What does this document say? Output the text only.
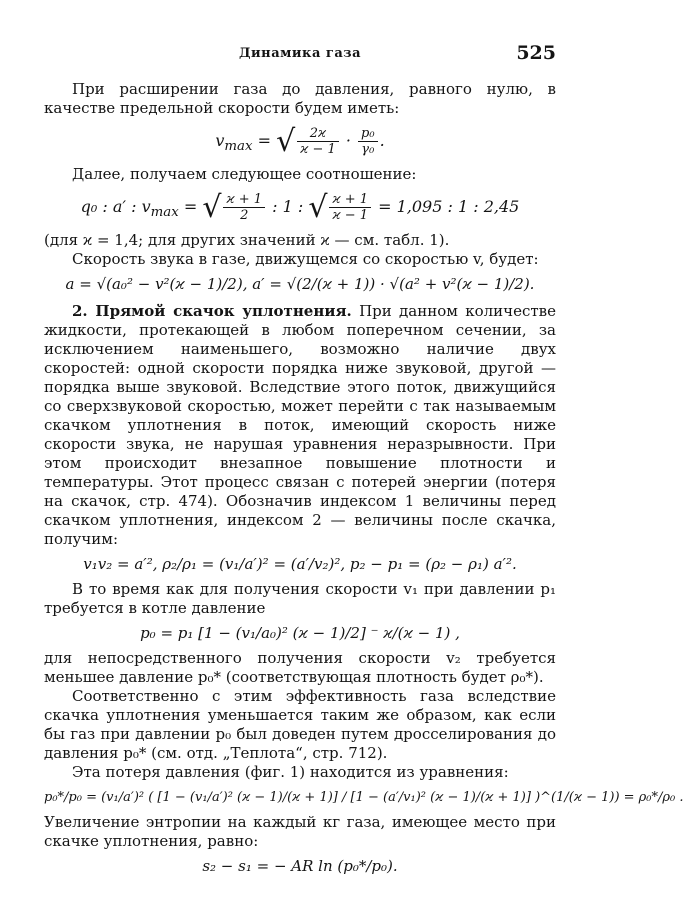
Динамика газа	525

При расширении газа до давления, равного нулю, в качестве предельной скорости будем иметь:

$v_{max}$ = √ $\frac{2ϰ}{ϰ - 1} \cdot \frac{\text{p₀}}{\text{γ₀}}$ .

Далее, получаем следующее соотношение:

q₀ : a′ : $v_{max}$ = √ $\frac{ϰ + 1}{2}$ : 1 : √ $\frac{ϰ + 1}{ϰ - 1} = 1,095$ : 1 : 2,45

(для ϰ = 1,4; для других значений ϰ — см. табл. 1).

Скорость звука в газе, движущемся со скоростью v, будет:

a = √(a₀² − v²(ϰ − 1)/2), a′ = √(2/(ϰ + 1)) · √(a² + v²(ϰ − 1)/2).

2. Прямой скачок уплотнения. При данном количестве жидкости, протекающей в любом поперечном сечении, за исключением наименьшего, возможно наличие двух скоростей: одной скорости порядка ниже звуковой, другой — порядка выше звуковой. Вследствие этого поток, движущийся со сверхзвуковой скоростью, может перейти с так называемым скачком уплотнения в поток, имеющий скорость ниже скорости звука, не нарушая уравнения неразрывности. При этом происходит внезапное повышение плотности и температуры. Этот процесс связан с потерей энергии (потеря на скачок, стр. 474). Обозначив индексом 1 величины перед скачком уплотнения, индексом 2 — величины после скачка, получим:

v₁v₂ = a′², ρ₂/ρ₁ = (v₁/a′)² = (a′/v₂)², p₂ − p₁ = (ρ₂ − ρ₁) a′².

В то время как для получения скорости v₁ при давлении p₁ требуется в котле давление

p₀ = p₁ [1 − (v₁/a₀)² (ϰ − 1)/2] ⁻ ϰ/(ϰ − 1) ,

для непосредственного получения скорости v₂ требуется меньшее давление p₀* (соответствующая плотность будет ρ₀*).

Соответственно с этим эффективность газа вследствие скачка уплотнения уменьшается таким же образом, как если бы газ при давлении p₀ был доведен путем дросселирования до давления p₀* (см. отд. „Теплота“, стр. 712).

Эта потеря давления (фиг. 1) находится из уравнения:

p₀*/p₀ = (v₁/a′)² ( [1 − (v₁/a′)² (ϰ − 1)/(ϰ + 1)] / [1 − (a′/v₁)² (ϰ − 1)/(ϰ + 1)] )^(1/(ϰ − 1)) = ρ₀*/ρ₀ .

Увеличение энтропии на каждый кг газа, имеющее место при скачке уплотнения, равно:

s₂ − s₁ = − AR ln (p₀*/p₀).
